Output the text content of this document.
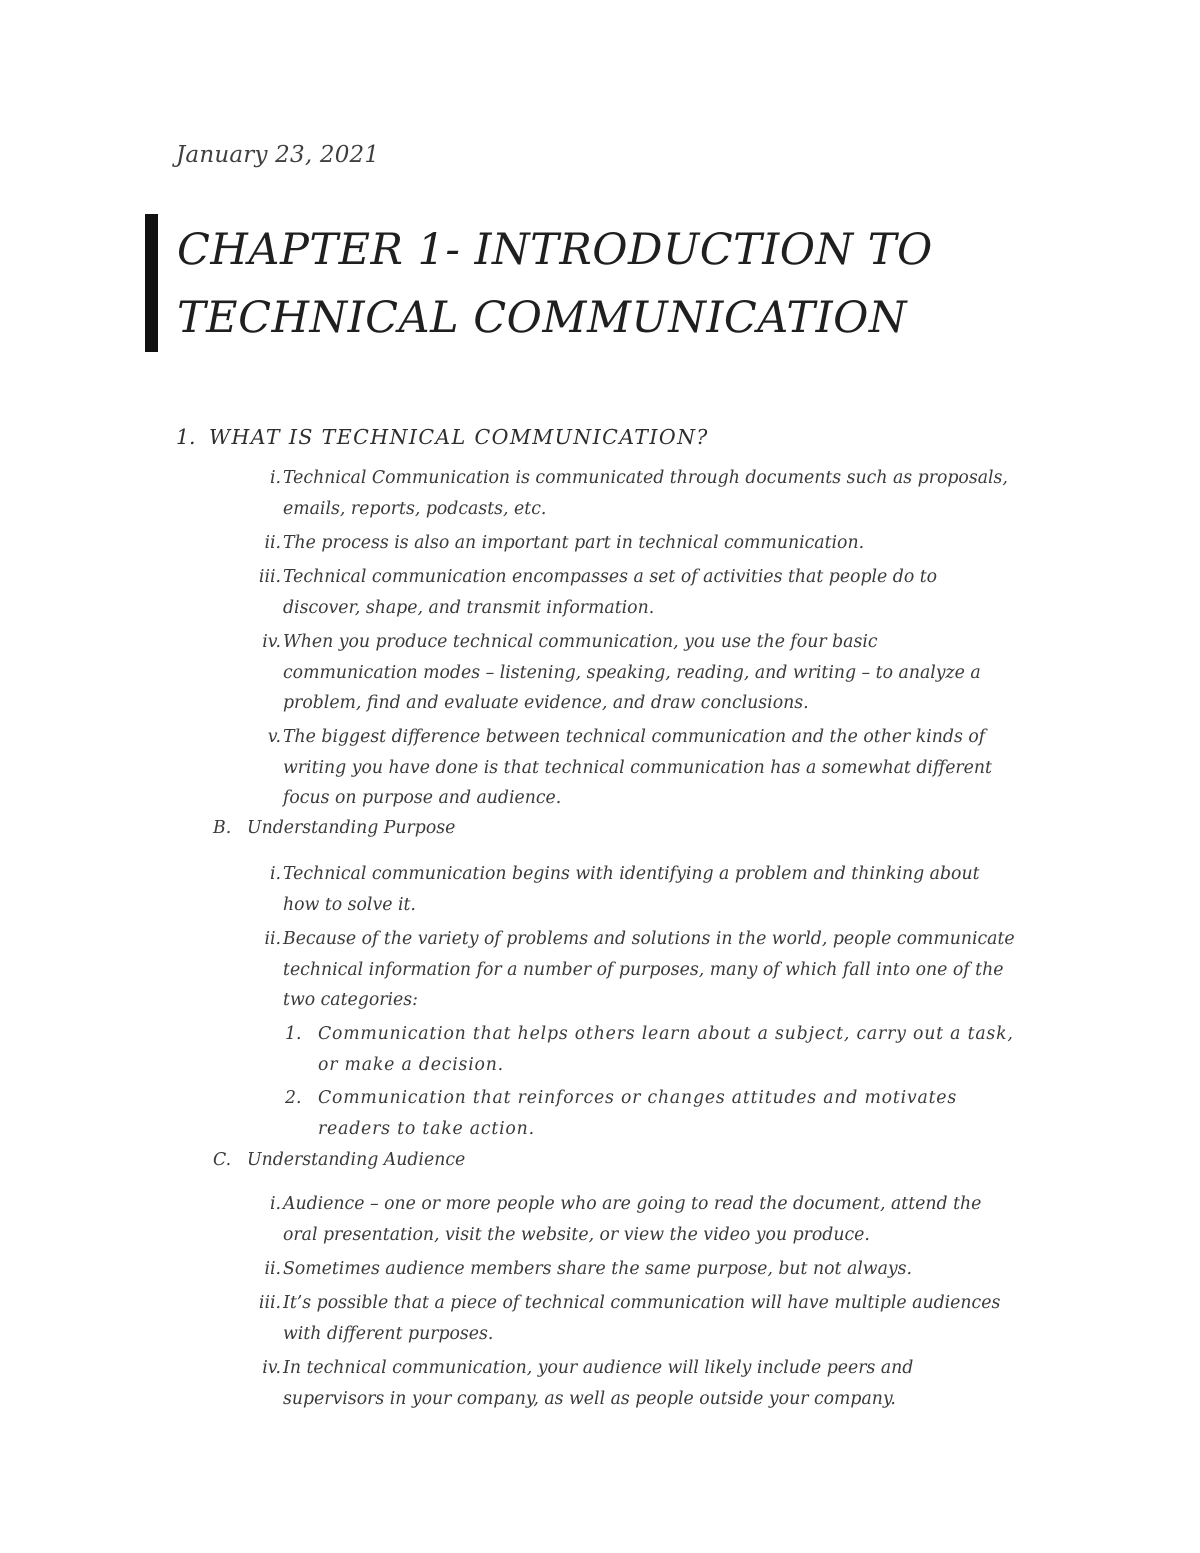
January 23, 2021
CHAPTER 1- INTRODUCTION TO
TECHNICAL COMMUNICATION
1. WHAT IS TECHNICAL COMMUNICATION?
i. Technical Communication is communicated through documents such as proposals, emails, reports, podcasts, etc.
ii. The process is also an important part in technical communication.
iii. Technical communication encompasses a set of activities that people do to discover, shape, and transmit information.
iv. When you produce technical communication, you use the four basic communication modes – listening, speaking, reading, and writing – to analyze a problem, find and evaluate evidence, and draw conclusions.
v. The biggest difference between technical communication and the other kinds of writing you have done is that technical communication has a somewhat different focus on purpose and audience.
B. Understanding Purpose
i. Technical communication begins with identifying a problem and thinking about how to solve it.
ii. Because of the variety of problems and solutions in the world, people communicate technical information for a number of purposes, many of which fall into one of the two categories:
1. Communication that helps others learn about a subject, carry out a task, or make a decision.
2. Communication that reinforces or changes attitudes and motivates readers to take action.
C. Understanding Audience
i. Audience – one or more people who are going to read the document, attend the oral presentation, visit the website, or view the video you produce.
ii. Sometimes audience members share the same purpose, but not always.
iii. It’s possible that a piece of technical communication will have multiple audiences with different purposes.
iv. In technical communication, your audience will likely include peers and supervisors in your company, as well as people outside your company.
